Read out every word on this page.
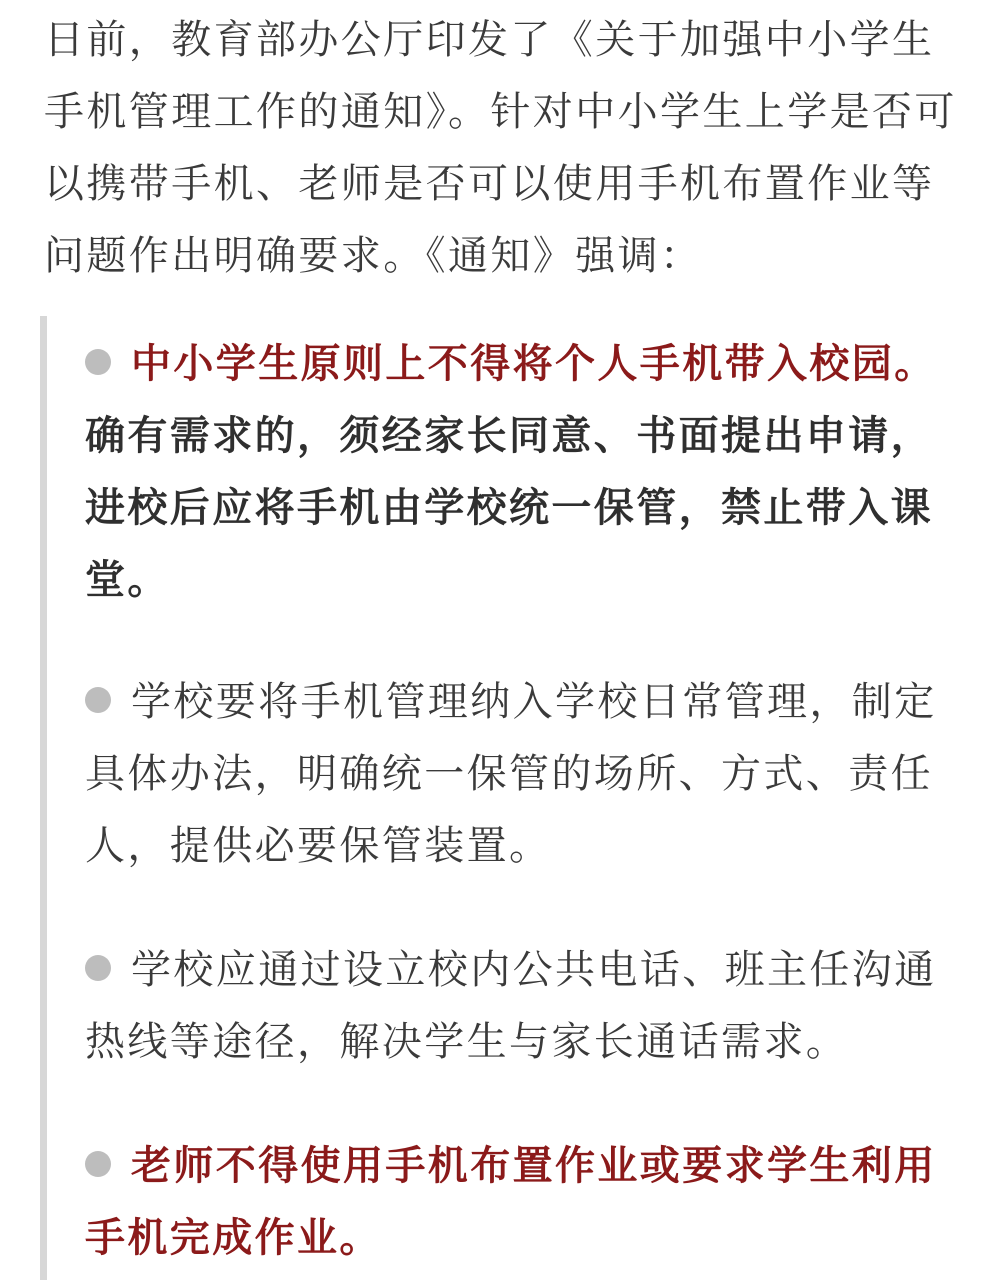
日前，教育部办公厅印发了《关于加强中小学生手机管理工作的通知》。针对中小学生上学是否可以携带手机、老师是否可以使用手机布置作业等问题作出明确要求。《通知》强调：

中小学生原则上不得将个人手机带入校园。确有需求的，须经家长同意、书面提出申请，进校后应将手机由学校统一保管，禁止带入课堂。

学校要将手机管理纳入学校日常管理，制定具体办法，明确统一保管的场所、方式、责任人，提供必要保管装置。

学校应通过设立校内公共电话、班主任沟通热线等途径，解决学生与家长通话需求。

老师不得使用手机布置作业或要求学生利用手机完成作业。
